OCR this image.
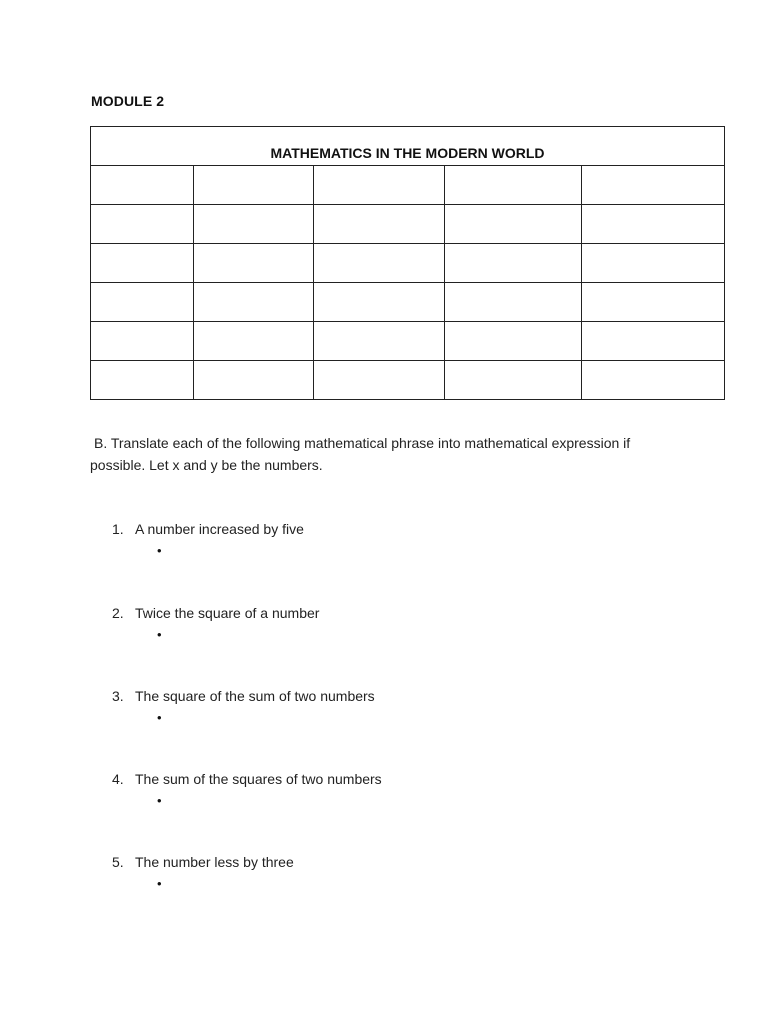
MODULE 2
MATHEMATICS IN THE MODERN WORLD				

B. Translate each of the following mathematical phrase into mathematical expression if
possible. Let x and y be the numbers.
1. A number increased by five
•
2. Twice the square of a number
•
3. The square of the sum of two numbers
•
4. The sum of the squares of two numbers
•
5. The number less by three
•
